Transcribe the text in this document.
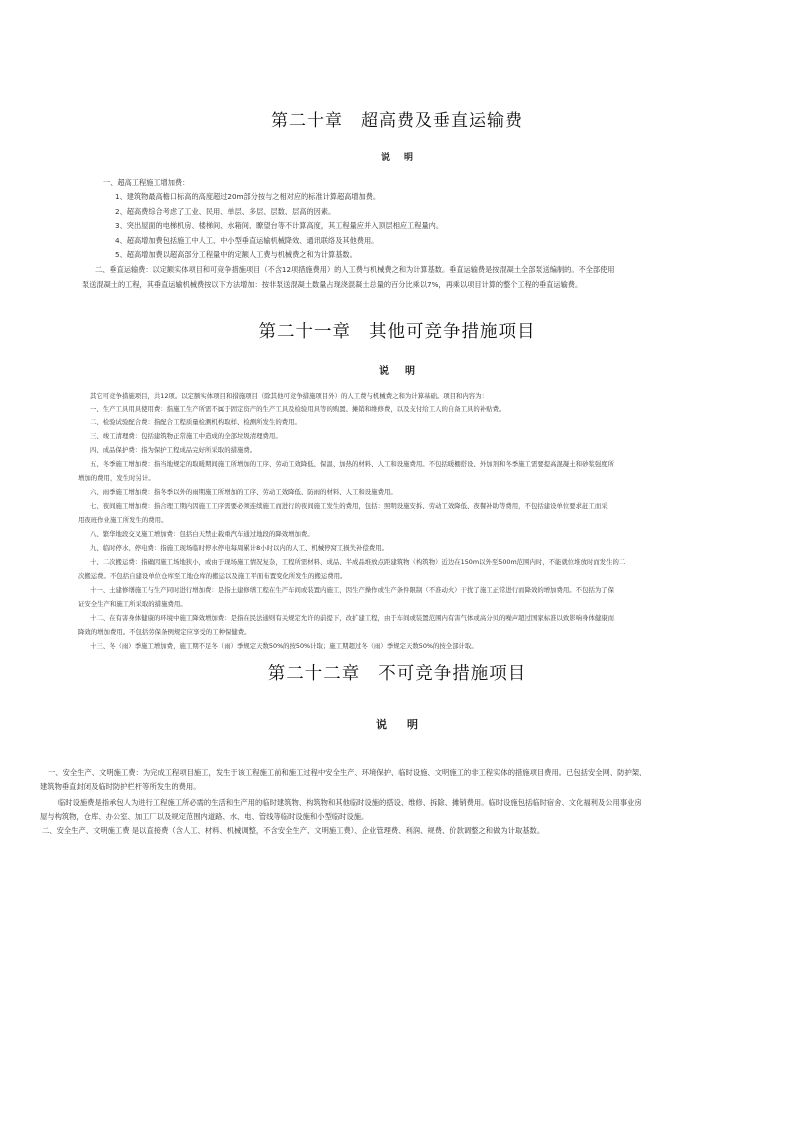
第二十章 超高费及垂直运输费
说 明
一、超高工程施工增加费：
1、建筑物最高檐口标高的高度超过20m部分按与之相对应的标准计算超高增加费。
2、超高费综合考虑了工业、民用、单层、多层、层数、层高的因素。
3、突出屋面的电梯机房、楼梯间、水箱间、瞭望台等不计算高度，其工程量应并入顶层相应工程量内。
4、超高增加费包括施工中人工、中小型垂直运输机械降效、通讯联络及其他费用。
5、超高增加费以超高部分工程量中的定额人工费与机械费之和为计算基数。
二、垂直运输费：以定额实体项目和可竞争措施项目（不含12项措施费用）的人工费与机械费之和为计算基数。垂直运输费是按混凝土全部泵送编制的。不全部使用
泵送混凝土的工程，其垂直运输机械费按以下方法增加：按非泵送混凝土数量占现浇混凝土总量的百分比乘以7%，再乘以项目计算的整个工程的垂直运输费。
第二十一章 其他可竞争措施项目
说 明
其它可竞争措施项目，共12项。以定额实体项目和措施项目（除其他可竞争措施项目外）的人工费与机械费之和为计算基础。项目和内容为：
一、生产工具用具使用费：指施工生产所需不属于固定资产的生产工具及检验用具等的购置、摊销和维修费，以及支付给工人的自备工具的补贴费。
二、检验试验配合费：指配合工程质量检测机构取样、检测所发生的费用。
三、竣工清理费：包括建筑物正常施工中造成的全部垃圾清理费用。
四、成品保护费：指为保护工程成品完好所采取的措施费。
五、冬季施工增加费：指当地规定的取暖期间施工所增加的工序、劳动工效降低、保温、加热的材料、人工和设施费用。不包括暖棚搭设、外加剂和冬季施工需要提高混凝土和砂浆强度所
增加的费用，发生时另计。
六、雨季施工增加费：指冬季以外的雨期施工所增加的工序、劳动工效降低、防雨的材料、人工和设施费用。
七、夜间施工增加费：指合理工期内因施工工序需要必须连续施工而进行的夜间施工发生的费用，包括：照明设施安拆、劳动工效降低、夜餐补助等费用，不包括建设单位要求赶工而采
用夜班作业施工所发生的费用。
八、繁华地段交叉施工增加费：包括白天禁止载重汽车通过地段的降效增加费。
九、临时停水、停电费：指施工现场临时停水停电每周累计8小时以内的人工、机械停窝工损失补偿费用。
十、二次搬运费：指确因施工场地狭小，或由于现场施工情况复杂，工程所需材料、成品、半成品堆放点距建筑物（构筑物）近边在150m以外至500m范围内时，不能就位堆放时而发生的二
次搬运费。不包括自建设单位仓库至工地仓库的搬运以及施工平面布置变化所发生的搬运费用。
十一、土建修缮施工与生产同时进行增加费：是指土建修缮工程在生产车间或装置内施工，因生产操作或生产条件限制（不准动火）干扰了施工正常进行而降效的增加费用。不包括为了保
证安全生产和施工所采取的措施费用。
十二、在有害身体健康的环境中施工降效增加费：是指在民法通则有关规定允许的前提下，改扩建工程，由于车间或装置范围内有害气体或高分贝的噪声超过国家标准以致影响身体健康而
降效的增加费用。不包括劳保条例规定应享受的工种保健费。
十三、冬（雨）季施工增加费，施工期不足冬（雨）季规定天数50%的按50%计取；施工期超过冬（雨）季规定天数50%的按全部计取。
第二十二章 不可竞争措施项目
说 明
一、安全生产、文明施工费：为完成工程项目施工，发生于该工程施工前和施工过程中安全生产、环境保护、临时设施、文明施工的非工程实体的措施项目费用。已包括安全网、防护架、
建筑物垂直封闭及临时防护栏杆等所发生的费用。
临时设施费是指承包人为进行工程施工所必需的生活和生产用的临时建筑物、构筑物和其他临时设施的搭设、维修、拆除、摊销费用。临时设施包括临时宿舍、文化福利及公用事业房
屋与构筑物，仓库、办公室、加工厂以及规定范围内道路、水、电、管线等临时设施和小型临时设施。
二、安全生产、文明施工费 是以直接费（含人工、材料、机械调整，不含安全生产、文明施工费）、企业管理费、利润、规费、价款调整之和做为计取基数。
